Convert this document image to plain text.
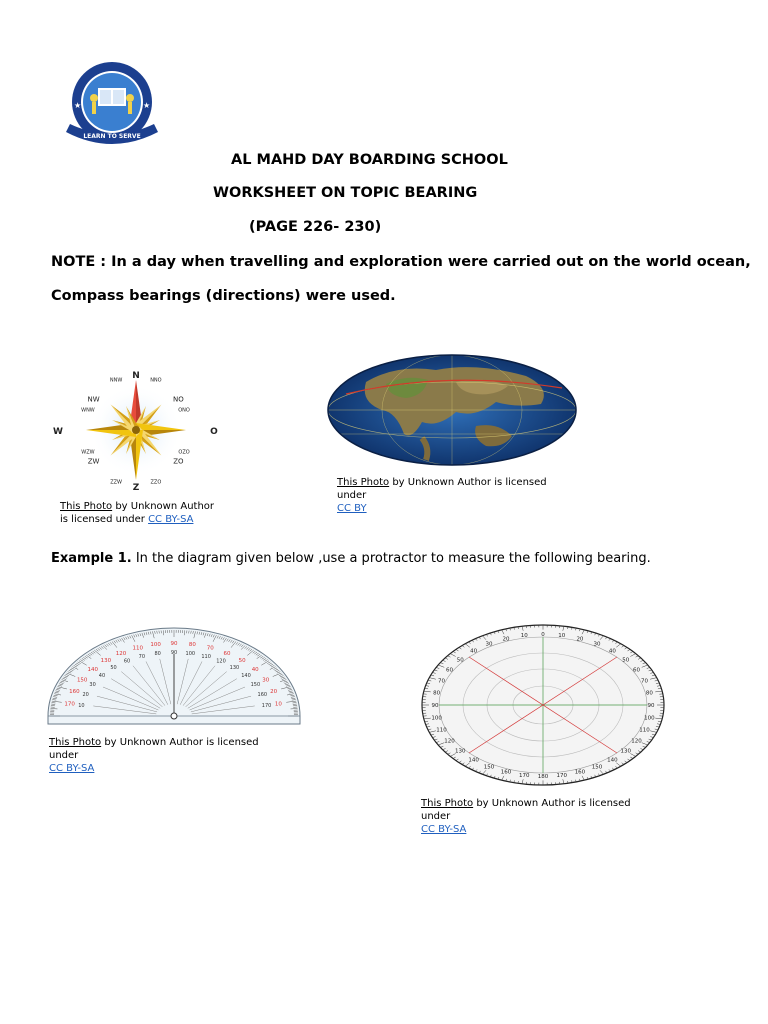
★	★
LEARN TO SERVE
AL MAHD DAY BOARDING SCHOOL
WORKSHEET ON TOPIC BEARING
(PAGE 226- 230)
NOTE : In a day when travelling and exploration were carried out on the world ocean,
Compass bearings (directions) were used.
N NNO
NO
ONO
O
OZO
ZO
ZZO
Z
ZZW
ZW
WZW
W
WNW
NW
NNW
This Photo by Unknown Author
is licensed under CC BY-SA
This Photo by Unknown Author is licensed under
CC BY
Example 1. In the diagram given below ,use a protractor to measure the following bearing.
170 10
160
20
150
30
140
40
130
50
120
60
110
70
100
80
90
90
80
100
70
110
60
120 50
130 40
140
30
150
20
160
10
170
This Photo by Unknown Author is licensed under
CC BY-SA
0 10
20
30
40
50
60
70
80
90
100
110
120
130
140
150
160
170
180
170
160
150
140
130
120
110
100
90
80
70
60
50
40
30
20
10
This Photo by Unknown Author is licensed under
CC BY-SA
